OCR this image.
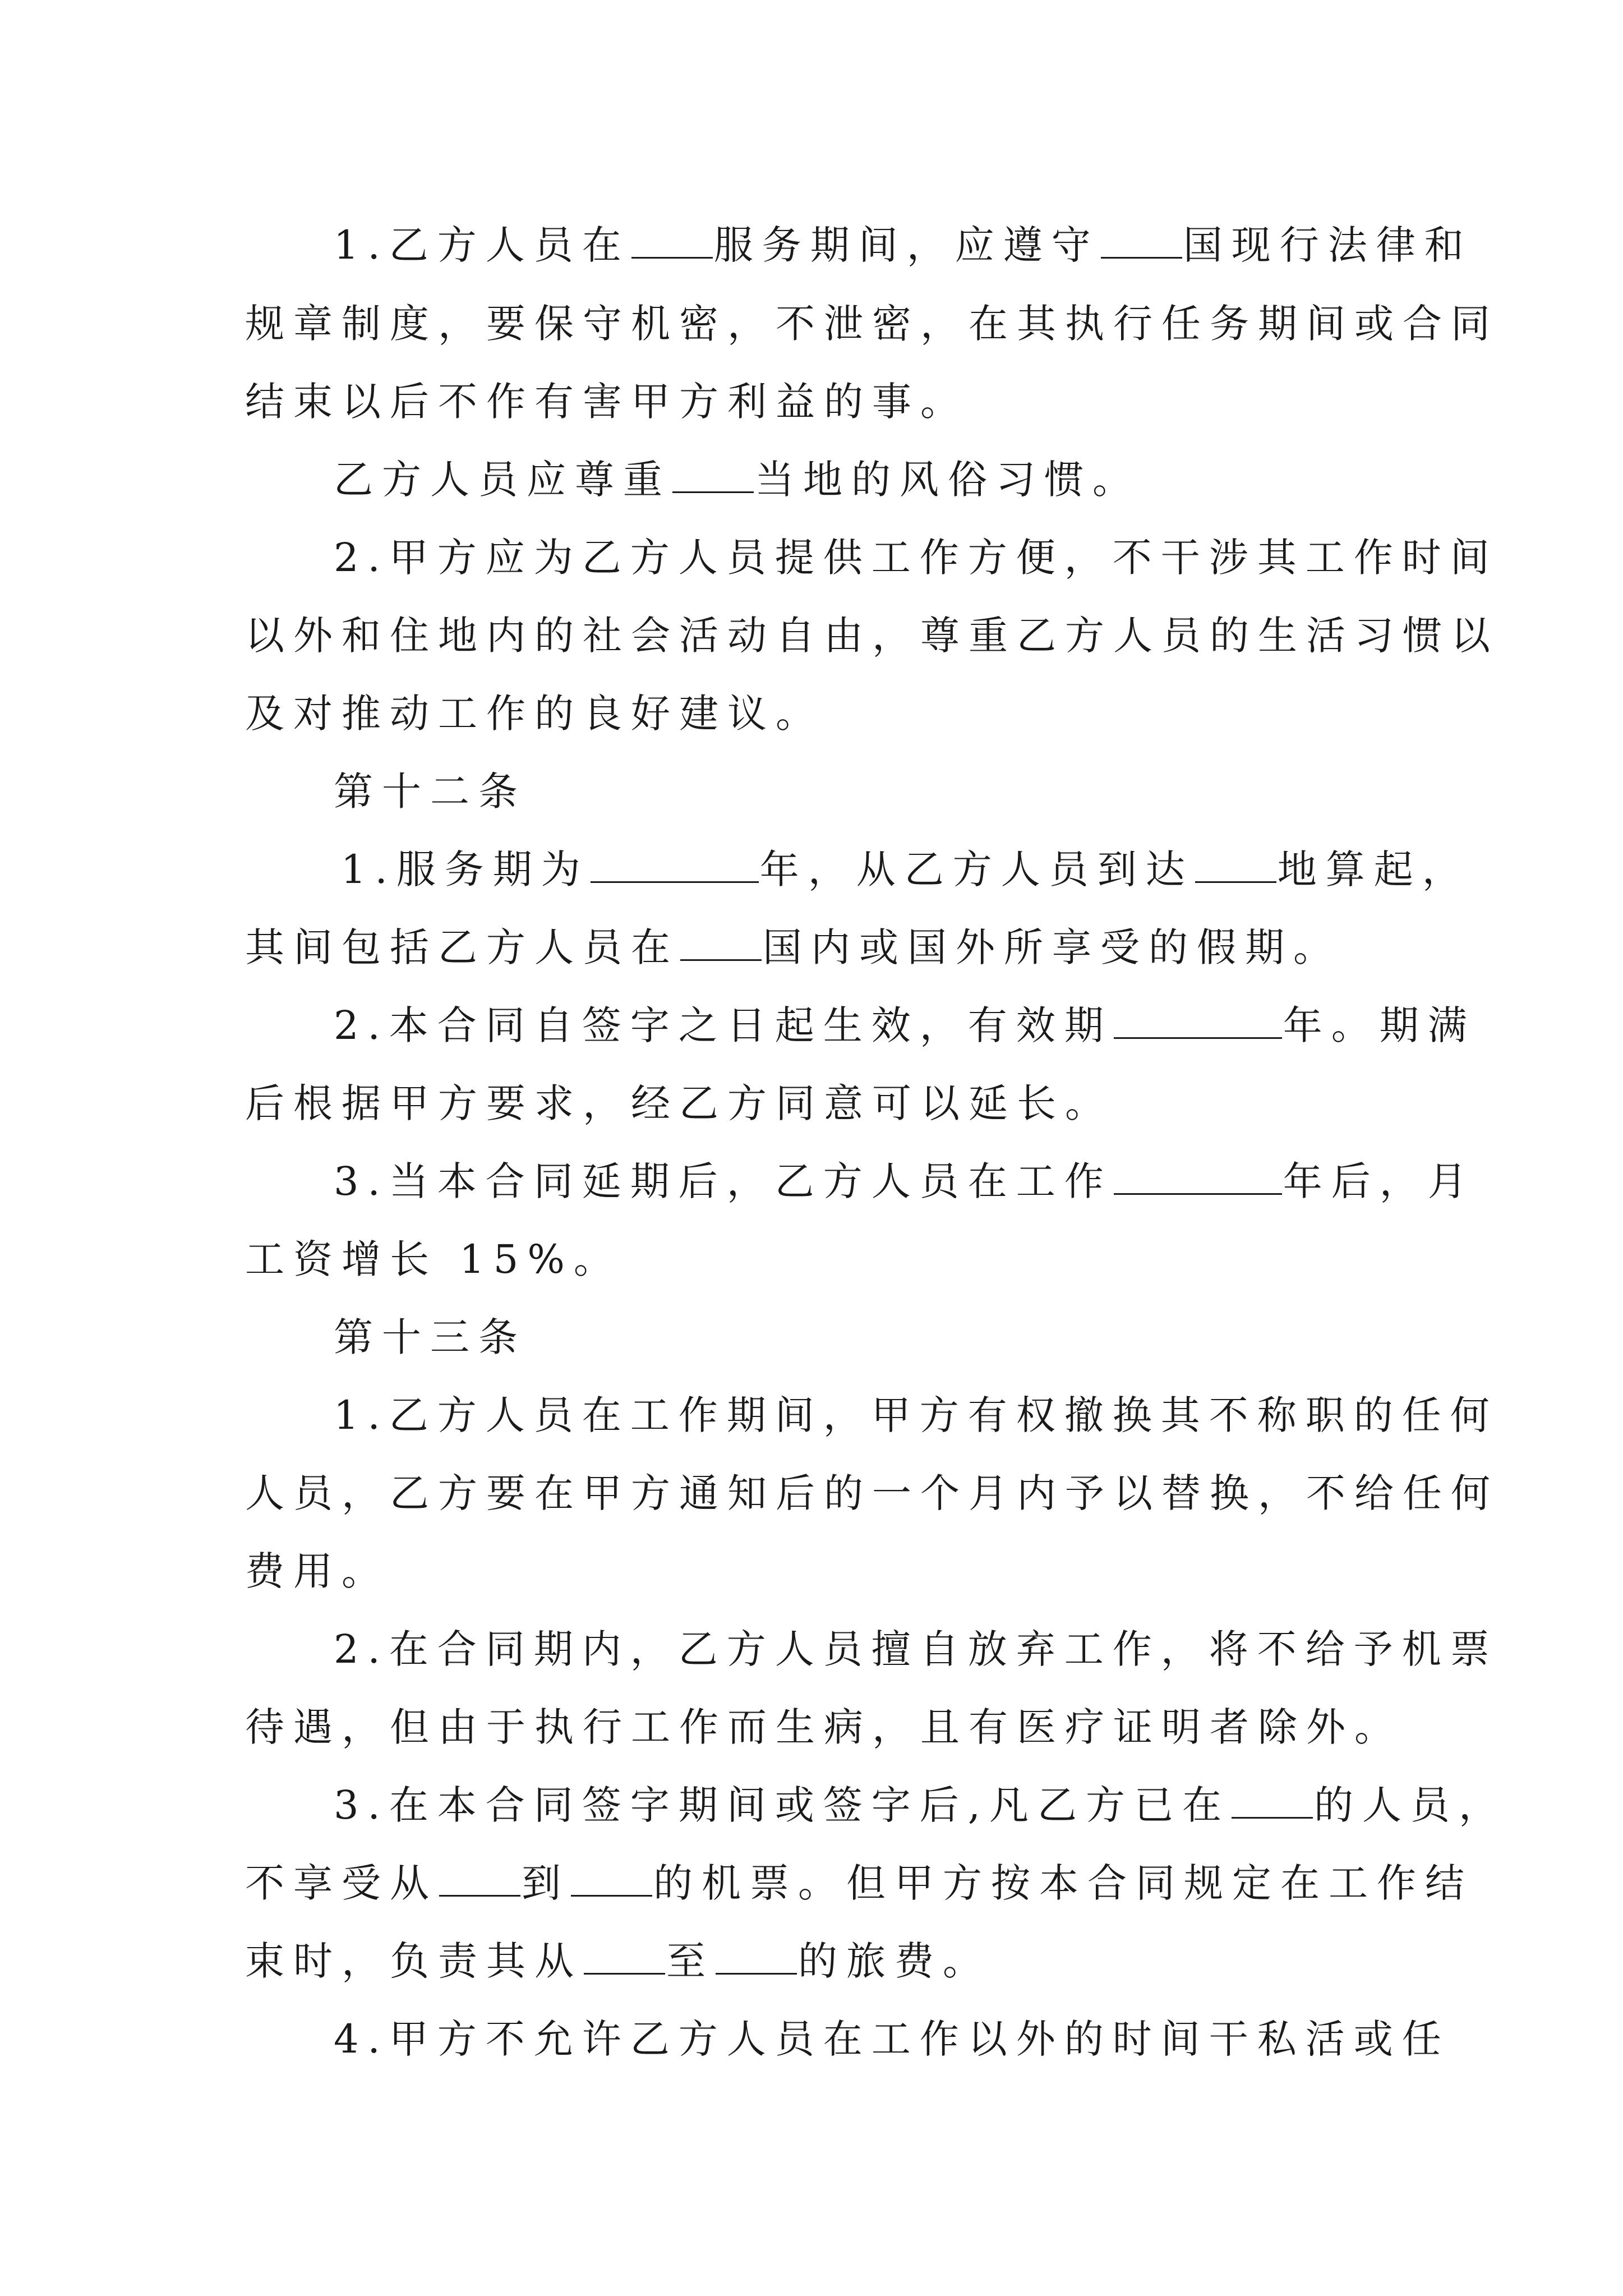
1.乙方人员在 服务期间，应遵守 国现行法律和
规章制度，要保守机密，不泄密，在其执行任务期间或合同
结束以后不作有害甲方利益的事。
乙方人员应尊重 当地的风俗习惯。
2.甲方应为乙方人员提供工作方便，不干涉其工作时间
以外和住地内的社会活动自由，尊重乙方人员的生活习惯以
及对推动工作的良好建议。
第十二条
1.服务期为	年，从乙方人员到达 地算起，
其间包括乙方人员在 国内或国外所享受的假期。
2.本合同自签字之日起生效，有效期	年。期满
后根据甲方要求，经乙方同意可以延长。
3.当本合同延期后，乙方人员在工作	年后，月
工资增长 15%。
第十三条
1.乙方人员在工作期间，甲方有权撤换其不称职的任何
人员，乙方要在甲方通知后的一个月内予以替换，不给任何
费用。
2.在合同期内，乙方人员擅自放弃工作，将不给予机票
待遇，但由于执行工作而生病，且有医疗证明者除外。
3.在本合同签字期间或签字后,凡乙方已在 的人员，
不享受从 到 的机票。但甲方按本合同规定在工作结
束时，负责其从 至 的旅费。
4.甲方不允许乙方人员在工作以外的时间干私活或任
